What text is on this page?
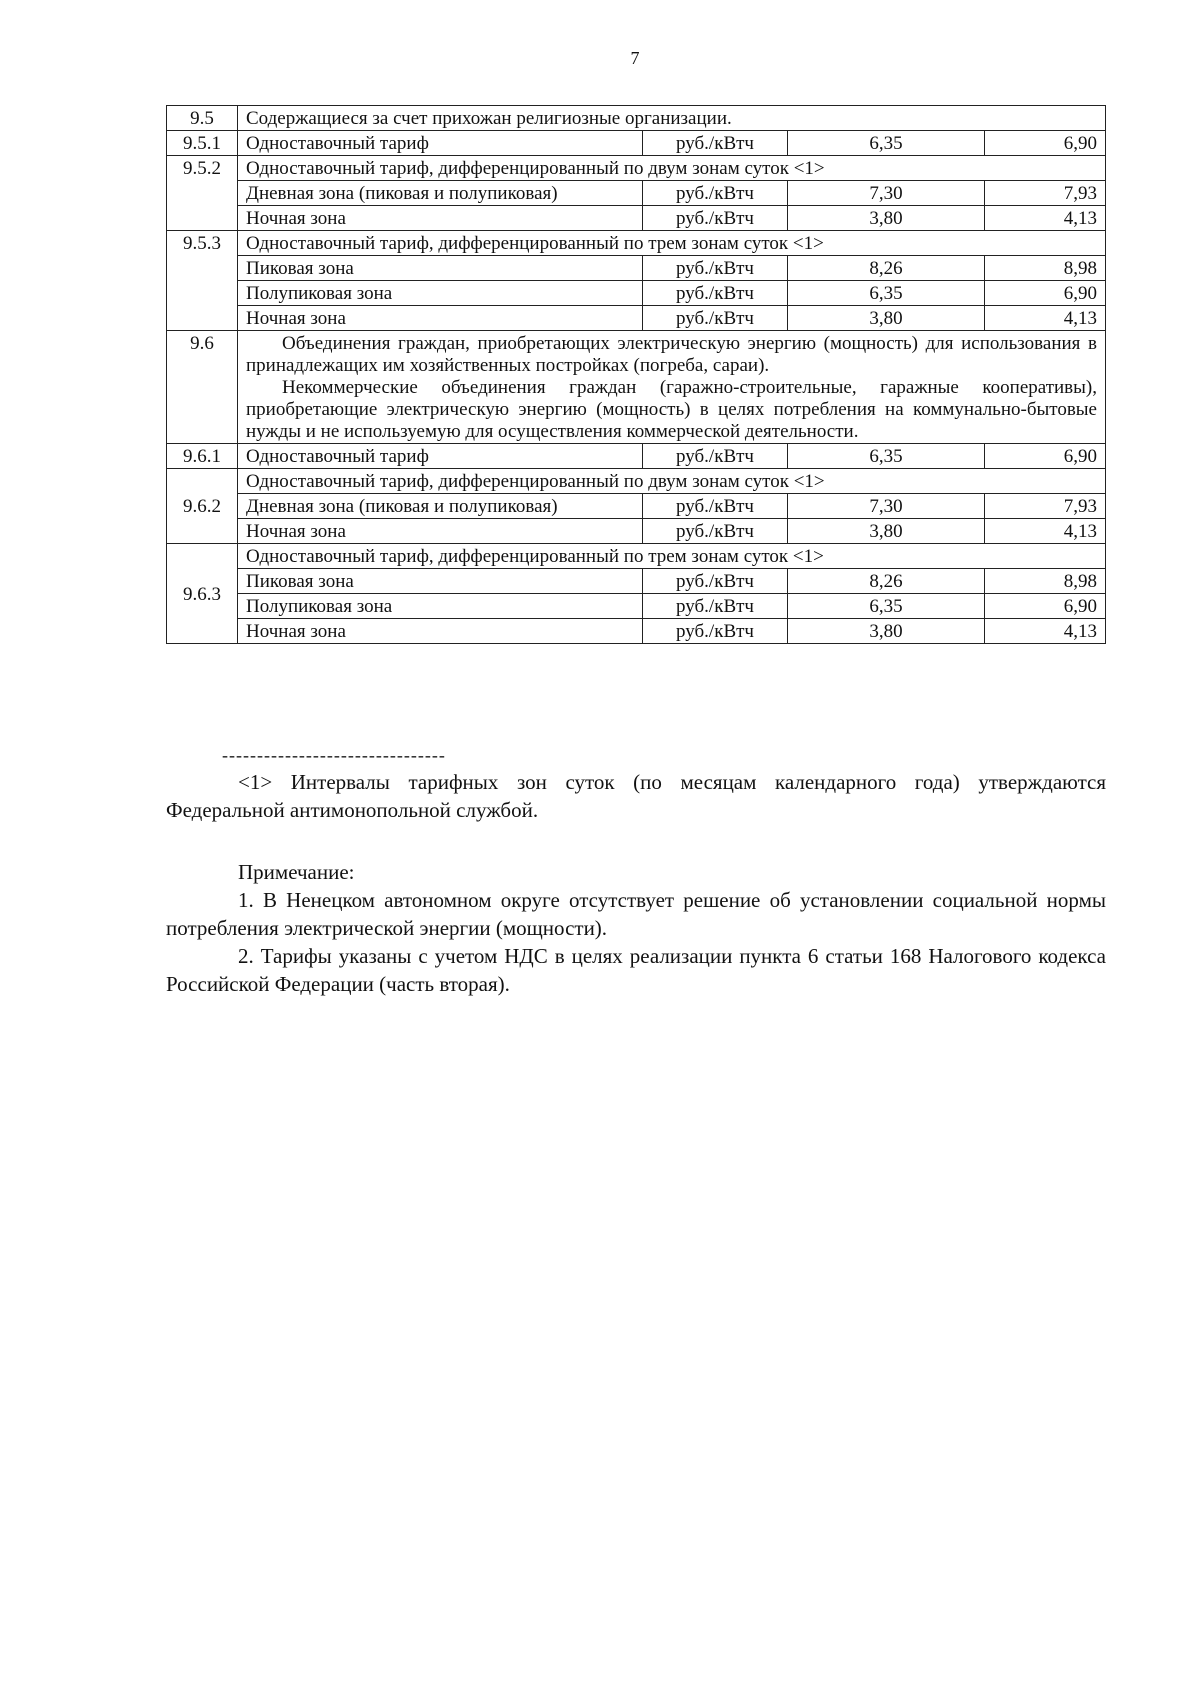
7
9.5	Содержащиеся за счет прихожан религиозные организации.			
9.5.1	Одноставочный тариф	руб./кВтч	6,35	6,90
9.5.2	Одноставочный тариф, дифференцированный по двум зонам суток <1>			
	Дневная зона (пиковая и полупиковая)	руб./кВтч	7,30	7,93
	Ночная зона	руб./кВтч	3,80	4,13
9.5.3	Одноставочный тариф, дифференцированный по трем зонам суток <1>			
	Пиковая зона	руб./кВтч	8,26	8,98
	Полупиковая зона	руб./кВтч	6,35	6,90
	Ночная зона	руб./кВтч	3,80	4,13
9.6	Объединения граждан, приобретающих электрическую энергию (мощность) для использования в принадлежащих им хозяйственных постройках (погреба, сараи).

Некоммерческие объединения граждан (гаражно-строительные, гаражные кооперативы), приобретающие электрическую энергию (мощность) в целях потребления на коммунально-бытовые нужды и не используемую для осуществления коммерческой деятельности.			

9.6.1	Одноставочный тариф	руб./кВтч	6,35	6,90
9.6.2	Одноставочный тариф, дифференцированный по двум зонам суток <1>			
	Дневная зона (пиковая и полупиковая)	руб./кВтч	7,30	7,93
	Ночная зона	руб./кВтч	3,80	4,13
9.6.3	Одноставочный тариф, дифференцированный по трем зонам суток <1>			
	Пиковая зона	руб./кВтч	8,26	8,98
	Полупиковая зона	руб./кВтч	6,35	6,90
	Ночная зона	руб./кВтч	3,80	4,13
--------------------------------

<1> Интервалы тарифных зон суток (по месяцам календарного года) утверждаются Федеральной антимонопольной службой.

Примечание:

1. В Ненецком автономном округе отсутствует решение об установлении социальной нормы потребления электрической энергии (мощности).

2. Тарифы указаны с учетом НДС в целях реализации пункта 6 статьи 168 Налогового кодекса Российской Федерации (часть вторая).
